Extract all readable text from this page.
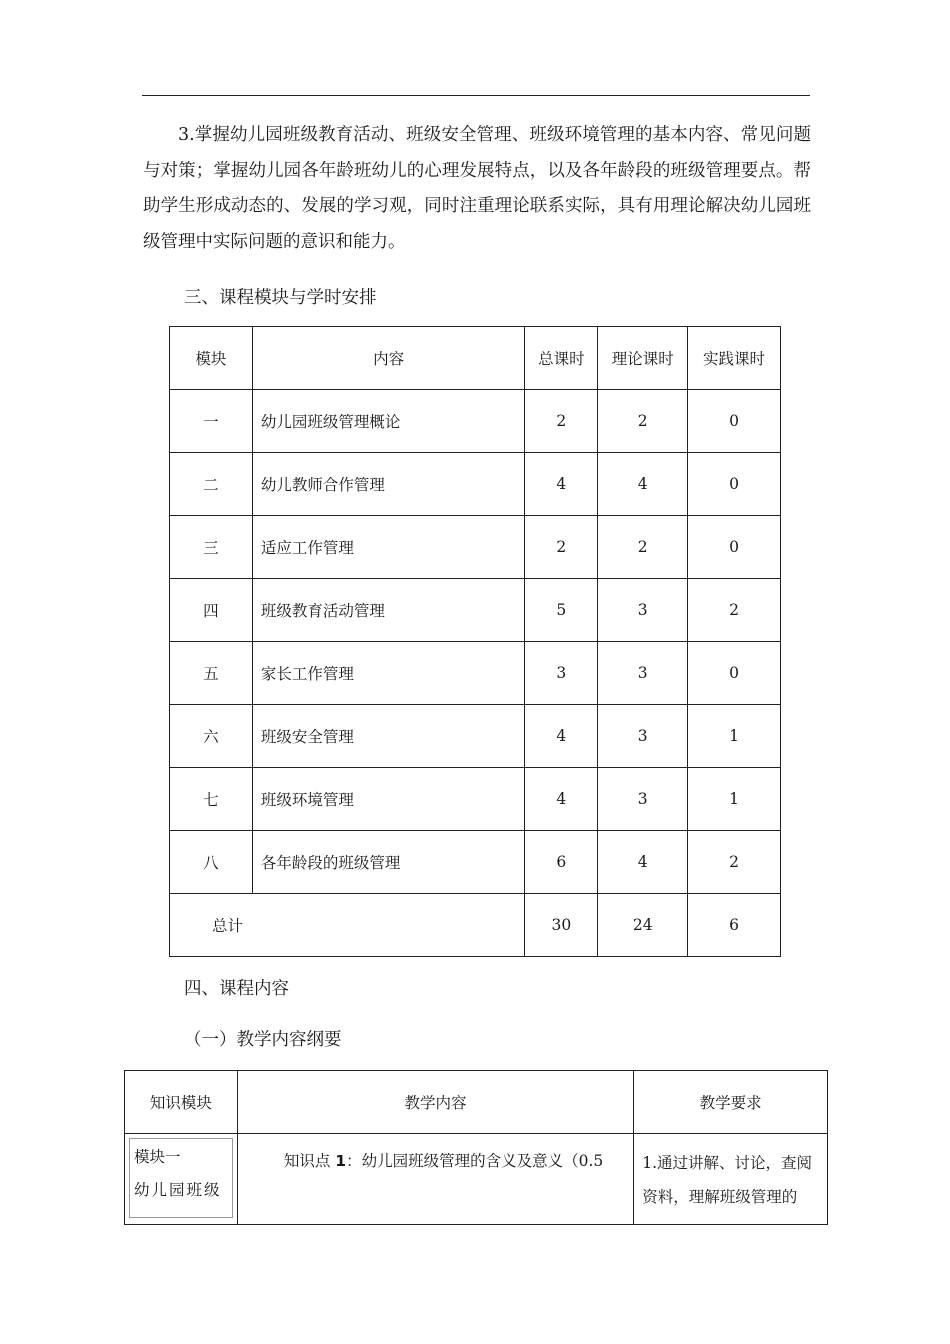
3.掌握幼儿园班级教育活动、班级安全管理、班级环境管理的基本内容、常见问题与对策；掌握幼儿园各年龄班幼儿的心理发展特点，以及各年龄段的班级管理要点。帮助学生形成动态的、发展的学习观，同时注重理论联系实际，具有用理论解决幼儿园班级管理中实际问题的意识和能力。

三、课程模块与学时安排

模块	内容	总课时	理论课时	实践课时
一	幼儿园班级管理概论	2	2	0
二	幼儿教师合作管理	4	4	0
三	适应工作管理	2	2	0
四	班级教育活动管理	5	3	2
五	家长工作管理	3	3	0
六	班级安全管理	4	3	1
七	班级环境管理	4	3	1
八	各年龄段的班级管理	6	4	2
总计		30	24	6

四、课程内容

（一）教学内容纲要

知识模块	教学内容	教学要求

模块一
幼儿园班级	知识点 1：幼儿园班级管理的含义及意义（0.5	1.通过讲解、讨论，查阅资料，理解班级管理的
